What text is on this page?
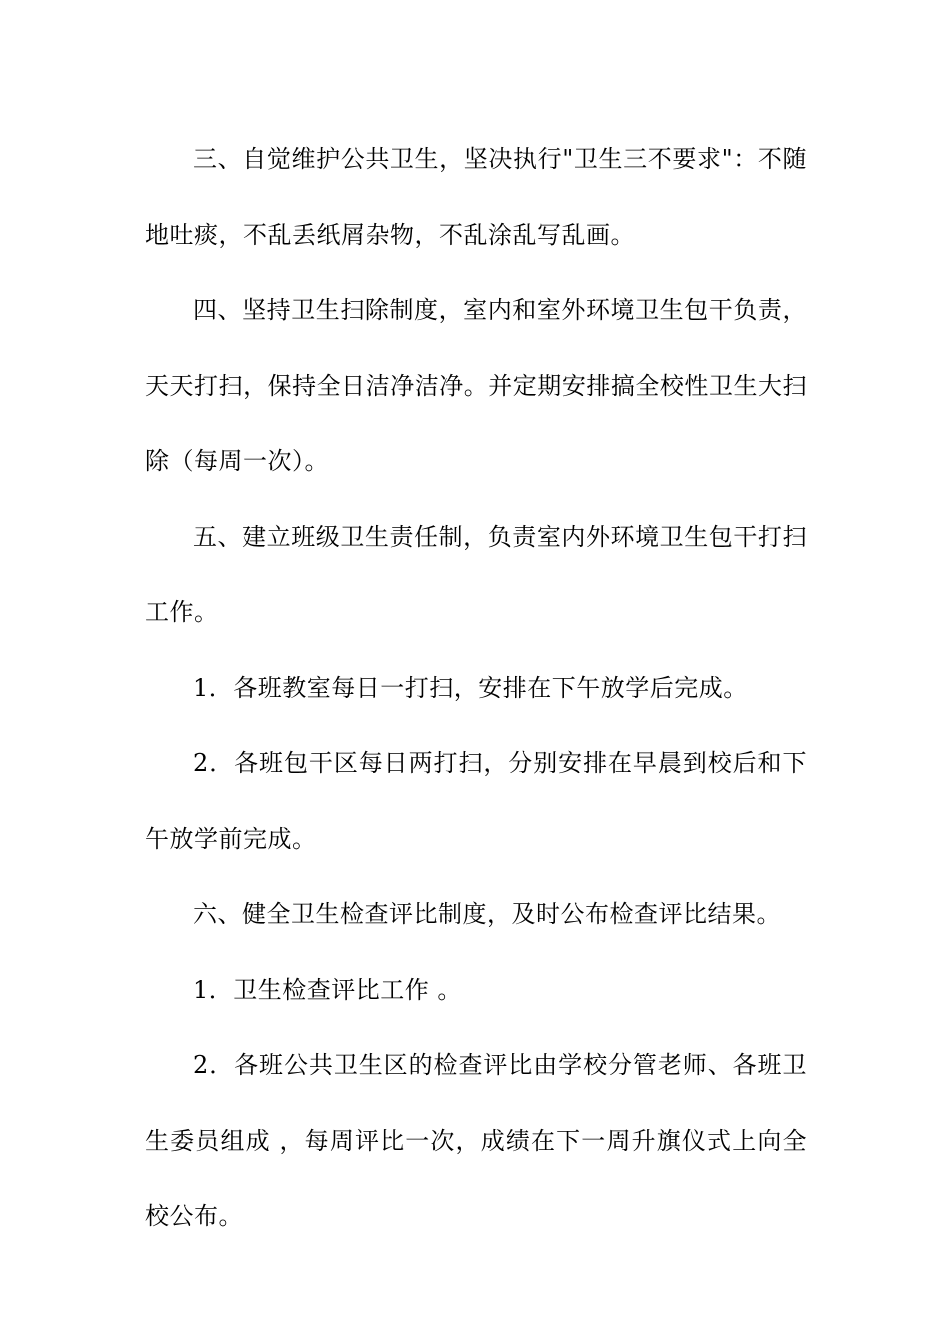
三、自觉维护公共卫生，坚决执行"卫生三不要求"：不随地吐痰，不乱丢纸屑杂物，不乱涂乱写乱画。

四、坚持卫生扫除制度，室内和室外环境卫生包干负责，天天打扫，保持全日洁净洁净。并定期安排搞全校性卫生大扫除（每周一次）。

五、建立班级卫生责任制，负责室内外环境卫生包干打扫工作。

1．各班教室每日一打扫，安排在下午放学后完成。

2．各班包干区每日两打扫，分别安排在早晨到校后和下午放学前完成。

六、健全卫生检查评比制度，及时公布检查评比结果。

1．卫生检查评比工作 。

2．各班公共卫生区的检查评比由学校分管老师、各班卫生委员组成 ，每周评比一次，成绩在下一周升旗仪式上向全校公布。
